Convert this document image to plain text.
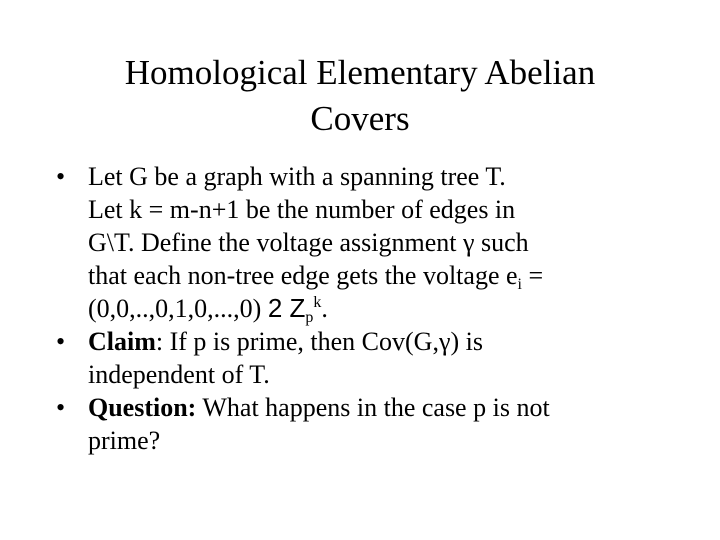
Homological Elementary Abelian
Covers
• Let G be a graph with a spanning tree T.
Let k = m-n+1 be the number of edges in
G\T. Define the voltage assignment γ such
that each non-tree edge gets the voltage $e_i$ =
(0,0,..,0,1,0,...,0) 2 $Z_p^k$.
• Claim: If p is prime, then Cov(G,γ) is
independent of T.
• Question: What happens in the case p is not
prime?
